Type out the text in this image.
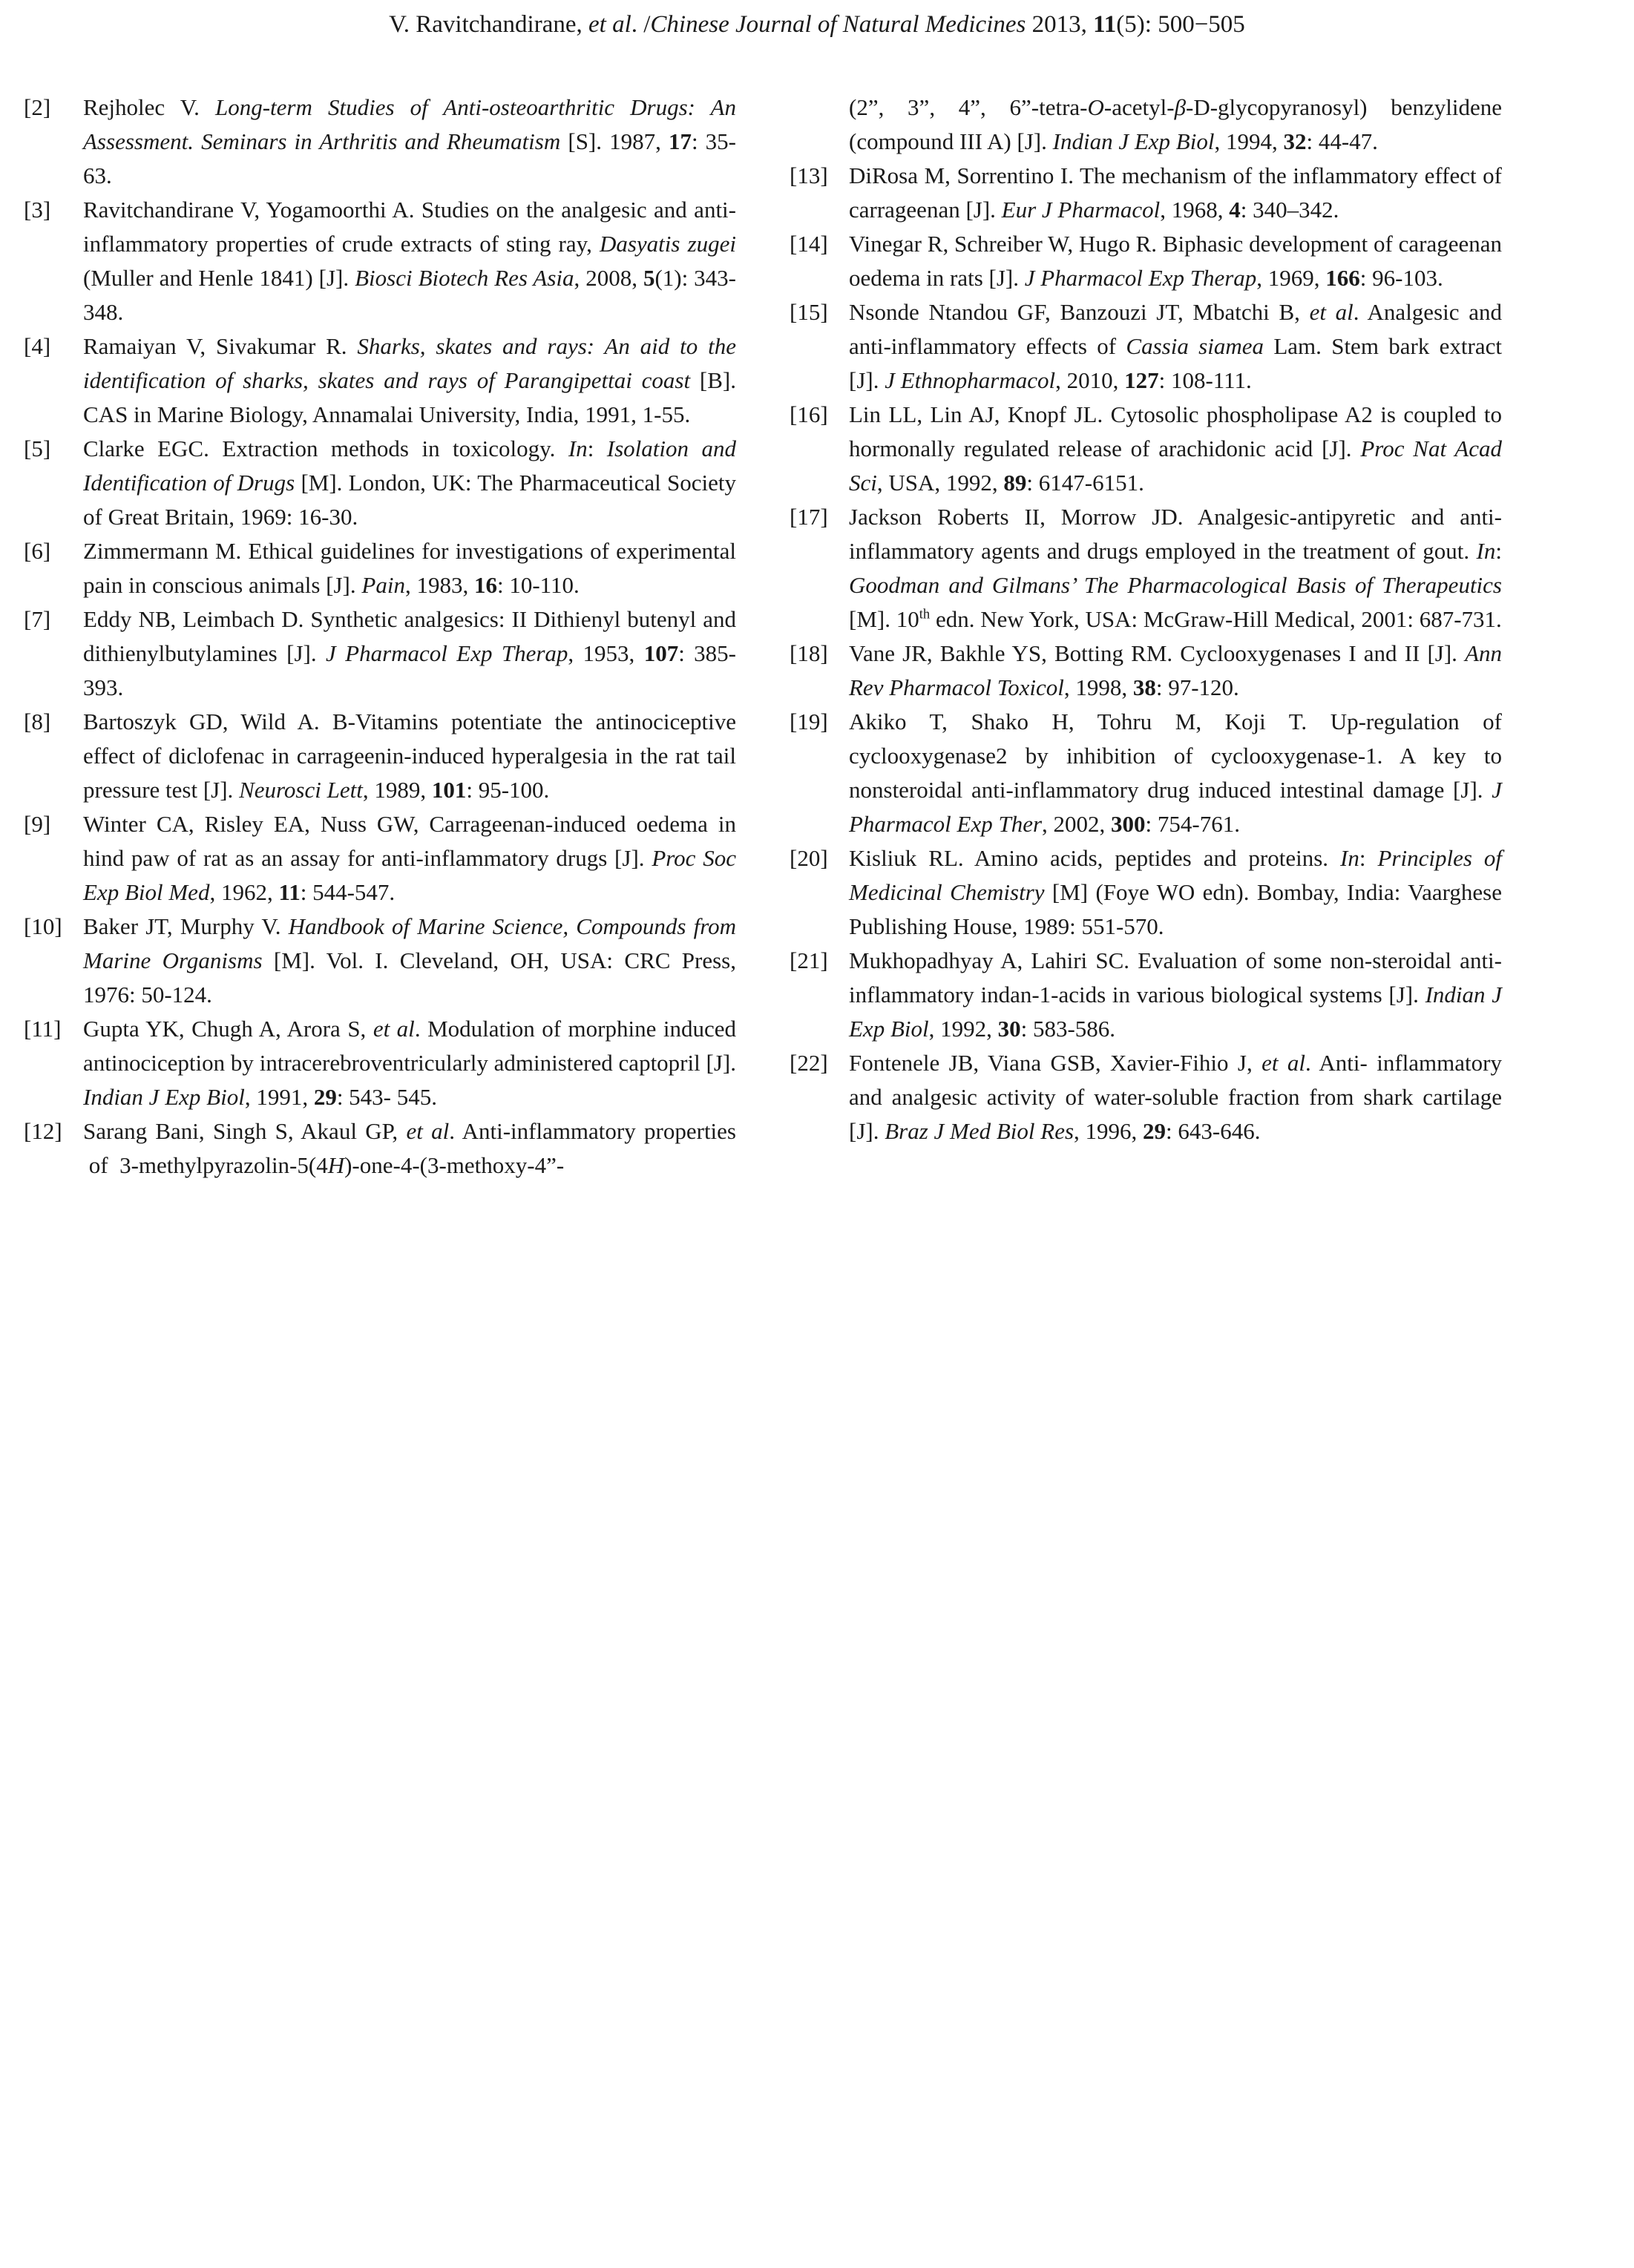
V. Ravitchandirane, et al. /Chinese Journal of Natural Medicines 2013, 11(5): 500−505
[2] Rejholec V. Long-term Studies of Anti-osteoarthritic Drugs: An Assessment. Seminars in Arthritis and Rheumatism [S]. 1987, 17: 35-63.
[3] Ravitchandirane V, Yogamoorthi A. Studies on the analgesic and anti-inflammatory properties of crude extracts of sting ray, Dasyatis zugei (Muller and Henle 1841) [J]. Biosci Biotech Res Asia, 2008, 5(1): 343-348.
[4] Ramaiyan V, Sivakumar R. Sharks, skates and rays: An aid to the identification of sharks, skates and rays of Parangipettai coast [B]. CAS in Marine Biology, Annamalai University, India, 1991, 1-55.
[5] Clarke EGC. Extraction methods in toxicology. In: Isolation and Identification of Drugs [M]. London, UK: The Pharmaceutical Society of Great Britain, 1969: 16-30.
[6] Zimmermann M. Ethical guidelines for investigations of experimental pain in conscious animals [J]. Pain, 1983, 16: 10-110.
[7] Eddy NB, Leimbach D. Synthetic analgesics: II Dithienyl butenyl and dithienylbutylamines [J]. J Pharmacol Exp Therap, 1953, 107: 385-393.
[8] Bartoszyk GD, Wild A. B-Vitamins potentiate the antinociceptive effect of diclofenac in carrageenin-induced hyperalgesia in the rat tail pressure test [J]. Neurosci Lett, 1989, 101: 95-100.
[9] Winter CA, Risley EA, Nuss GW, Carrageenan-induced oedema in hind paw of rat as an assay for anti-inflammatory drugs [J]. Proc Soc Exp Biol Med, 1962, 11: 544-547.
[10] Baker JT, Murphy V. Handbook of Marine Science, Compounds from Marine Organisms [M]. Vol. I. Cleveland, OH, USA: CRC Press, 1976: 50-124.
[11] Gupta YK, Chugh A, Arora S, et al. Modulation of morphine induced antinociception by intracerebroventricularly administered captopril [J]. Indian J Exp Biol, 1991, 29: 543- 545.
[12] Sarang Bani, Singh S, Akaul GP, et al. Anti-inflammatory properties  of  3-methylpyrazolin-5(4H)-one-4-(3-methoxy-4”-
(2”, 3”, 4”, 6”-tetra-O-acetyl-β-D-glycopyranosyl) benzylidene (compound III A) [J]. Indian J Exp Biol, 1994, 32: 44-47.
[13] DiRosa M, Sorrentino I. The mechanism of the inflammatory effect of carrageenan [J]. Eur J Pharmacol, 1968, 4: 340–342.
[14] Vinegar R, Schreiber W, Hugo R. Biphasic development of carageenan oedema in rats [J]. J Pharmacol Exp Therap, 1969, 166: 96-103.
[15] Nsonde Ntandou GF, Banzouzi JT, Mbatchi B, et al. Analgesic and anti-inflammatory effects of Cassia siamea Lam. Stem bark extract [J]. J Ethnopharmacol, 2010, 127: 108-111.
[16] Lin LL, Lin AJ, Knopf JL. Cytosolic phospholipase A2 is coupled to hormonally regulated release of arachidonic acid [J]. Proc Nat Acad Sci, USA, 1992, 89: 6147-6151.
[17] Jackson Roberts II, Morrow JD. Analgesic-antipyretic and anti-inflammatory agents and drugs employed in the treatment of gout. In: Goodman and Gilmans’ The Pharmacological Basis of Therapeutics [M]. 10th edn. New York, USA: McGraw-Hill Medical, 2001: 687-731.
[18] Vane JR, Bakhle YS, Botting RM. Cyclooxygenases I and II [J]. Ann Rev Pharmacol Toxicol, 1998, 38: 97-120.
[19] Akiko T, Shako H, Tohru M, Koji T. Up-regulation of cyclooxygenase2 by inhibition of cyclooxygenase-1. A key to nonsteroidal anti-inflammatory drug induced intestinal damage [J]. J Pharmacol Exp Ther, 2002, 300: 754-761.
[20] Kisliuk RL. Amino acids, peptides and proteins. In: Principles of Medicinal Chemistry [M] (Foye WO edn). Bombay, India: Vaarghese Publishing House, 1989: 551-570.
[21] Mukhopadhyay A, Lahiri SC. Evaluation of some non-steroidal anti-inflammatory indan-1-acids in various biological systems [J]. Indian J Exp Biol, 1992, 30: 583-586.
[22] Fontenele JB, Viana GSB, Xavier-Fihio J, et al. Anti- inflammatory and analgesic activity of water-soluble fraction from shark cartilage [J]. Braz J Med Biol Res, 1996, 29: 643-646.
